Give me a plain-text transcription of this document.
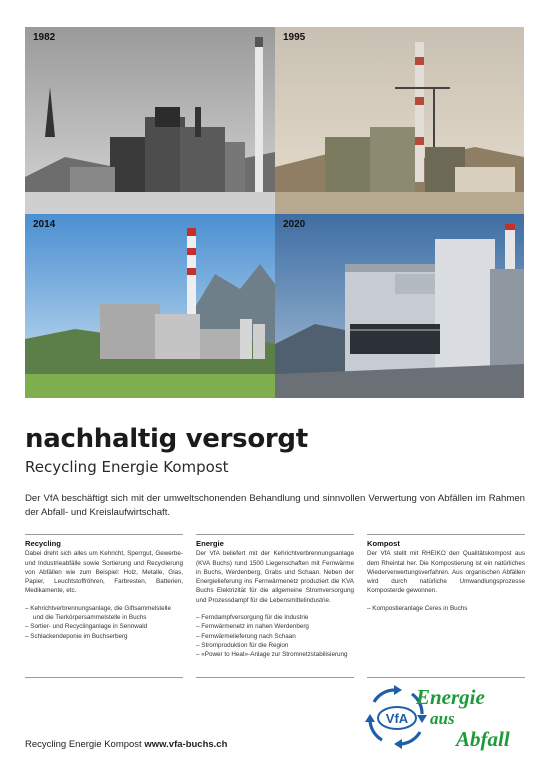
1982	1995
2014	2020
nachhaltig versorgt
Recycling Energie Kompost

Der VfA beschäftigt sich mit der umweltschonenden Behandlung und sinnvollen Verwertung von Abfällen im Rahmen der Abfall- und Kreislaufwirtschaft.

Recycling

Dabei dreht sich alles um Kehricht, Sperrgut, Gewerbe- und Industrieabfälle sowie Sortierung und Recyclierung von Abfällen wie zum Beispiel: Holz, Metalle, Glas, Papier, Leuchtstoffröhren, Farbresten, Batterien, Medikamente, etc.

– Kehrichtverbrennungsanlage, die Giftsammelstelle und die Tierkörpersammelstelle in Buchs
– Sortier- und Recyclinganlage in Sennwald
– Schlackendeponie im Buchserberg
Energie

Der VfA beliefert mit der Kehrichtverbrennungsanlage (KVA Buchs) rund 1500 Liegenschaften mit Fernwärme in Buchs, Werdenberg, Grabs und Schaan. Neben der Energielieferung ins Fernwärmenetz produziert die KVA Buchs Elektrizität für die allgemeine Stromversorgung und Prozessdampf für die Lebensmittelindustrie.

– Ferndampfversorgung für die Industrie
– Fernwärmenetz im nahen Werdenberg
– Fernwärmelieferung nach Schaan
– Stromproduktion für die Region
– «Power to Heat»-Anlage zur Stromnetzstabilisierung
Kompost

Der VfA stellt mit RHEIKO den Qualitätskompost aus dem Rheintal her. Die Kompostierung ist ein natürliches Wiederverwertungsverfahren. Aus organischen Abfällen wird durch natürliche Umwandlungsprozesse Komposterde gewonnen.

– Kompostieranlage Ceres in Buchs
Recycling Energie Kompost www.vfa-buchs.ch
VfA
Energie
aus
Abfall
